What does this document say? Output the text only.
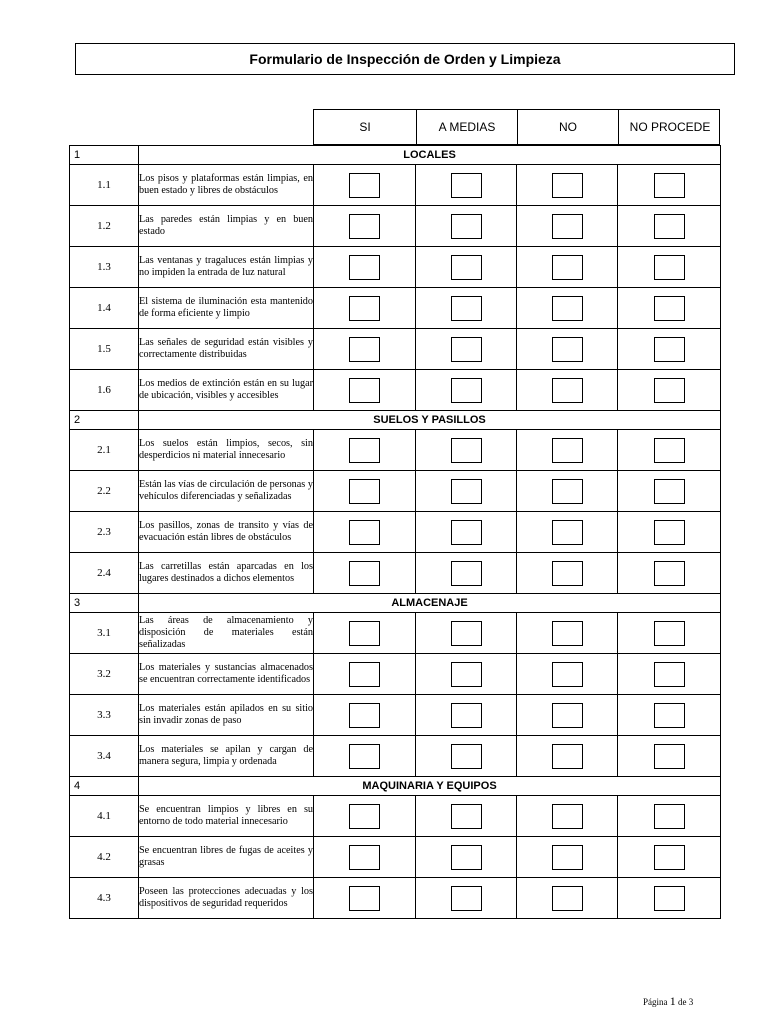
Formulario de Inspección de Orden y Limpieza
SI	A MEDIAS	NO	NO PROCEDE
1	LOCALES				
1.1	Los pisos y plataformas están limpias, en buen estado y libres de obstáculos				
1.2	Las paredes están limpias y en buen estado				
1.3	Las ventanas y tragaluces están limpias y no impiden la entrada de luz natural				
1.4	El sistema de iluminación esta mantenido de forma eficiente y limpio				
1.5	Las señales de seguridad están visibles y correctamente distribuidas				
1.6	Los medios de extinción están en su lugar de ubicación, visibles y accesibles				
2	SUELOS Y PASILLOS				
2.1	Los suelos están limpios, secos, sin desperdicios ni material innecesario				
2.2	Están las vías de circulación de personas y vehículos diferenciadas y señalizadas				
2.3	Los pasillos, zonas de transito y vías de evacuación están libres de obstáculos				
2.4	Las carretillas están aparcadas en los lugares destinados a dichos elementos				
3	ALMACENAJE				
3.1	Las áreas de almacenamiento y disposición de materiales están señalizadas				
3.2	Los materiales y sustancias almacenados se encuentran correctamente identificados				
3.3	Los materiales están apilados en su sitio sin invadir zonas de paso				
3.4	Los materiales se apilan y cargan de manera segura, limpia y ordenada				
4	MAQUINARIA Y EQUIPOS				
4.1	Se encuentran limpios y libres en su entorno de todo material innecesario				
4.2	Se encuentran libres de fugas de aceites y grasas				
4.3	Poseen las protecciones adecuadas y los dispositivos de seguridad requeridos				
Página 1 de 3
